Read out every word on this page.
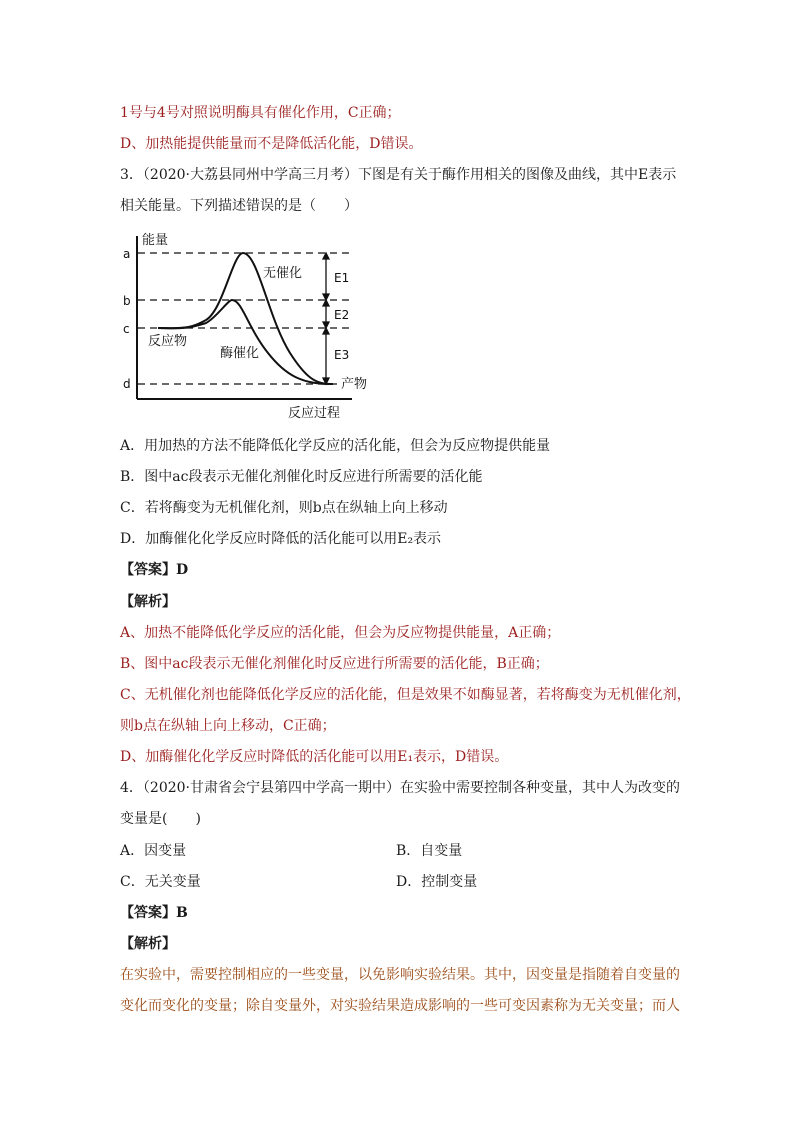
1号与4号对照说明酶具有催化作用，C正确；
D、加热能提供能量而不是降低活化能，D错误。
3．（2020·大荔县同州中学高三月考）下图是有关于酶作用相关的图像及曲线，其中E表示
相关能量。下列描述错误的是（　　）
a
b
c
d
能量
反应过程
无催化
酶催化
反应物
产物
E1
E2
E3
A．用加热的方法不能降低化学反应的活化能，但会为反应物提供能量
B．图中ac段表示无催化剂催化时反应进行所需要的活化能
C．若将酶变为无机催化剂，则b点在纵轴上向上移动
D．加酶催化化学反应时降低的活化能可以用E₂表示
【答案】D
【解析】
A、加热不能降低化学反应的活化能，但会为反应物提供能量，A正确；
B、图中ac段表示无催化剂催化时反应进行所需要的活化能，B正确；
C、无机催化剂也能降低化学反应的活化能，但是效果不如酶显著，若将酶变为无机催化剂，
则b点在纵轴上向上移动，C正确；
D、加酶催化化学反应时降低的活化能可以用E₁表示，D错误。
4．（2020·甘肃省会宁县第四中学高一期中）在实验中需要控制各种变量，其中人为改变的
变量是(　　)
A．因变量	B．自变量
C．无关变量	D．控制变量
【答案】B
【解析】
在实验中，需要控制相应的一些变量，以免影响实验结果。其中，因变量是指随着自变量的
变化而变化的变量；除自变量外，对实验结果造成影响的一些可变因素称为无关变量；而人
